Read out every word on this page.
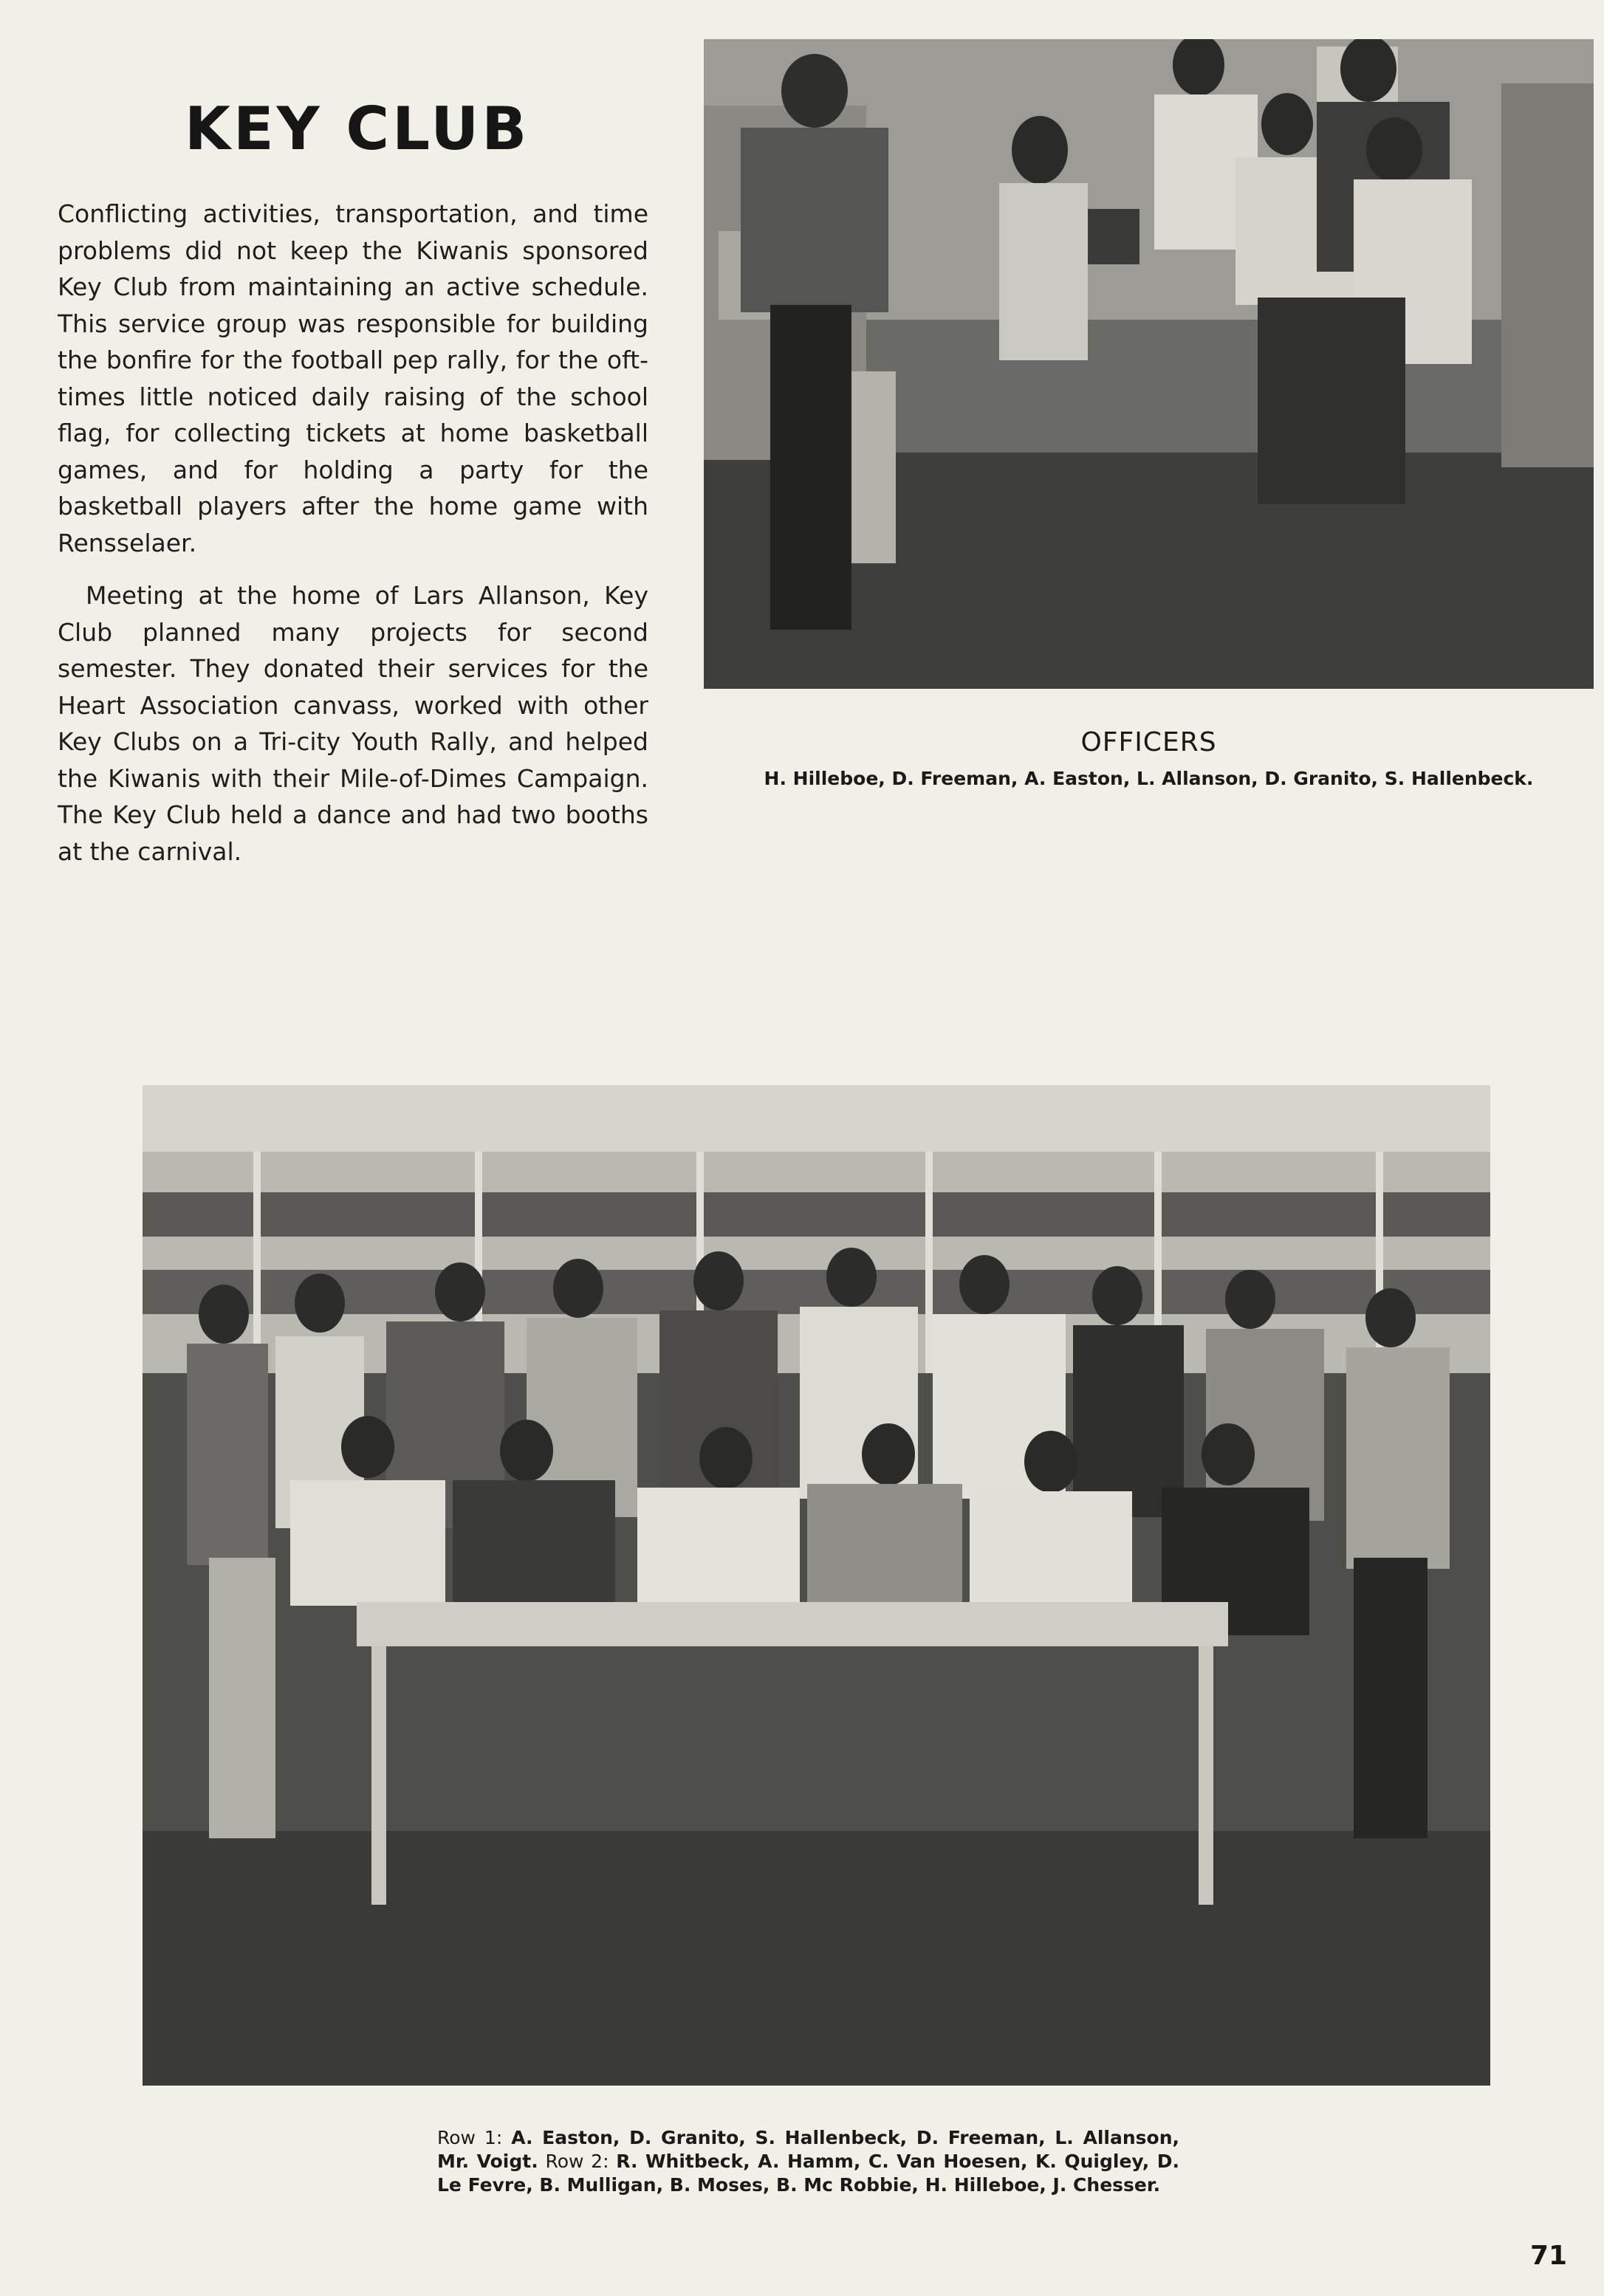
KEY CLUB

Conflicting activities, transportation, and time problems did not keep the Kiwanis sponsored Key Club from maintaining an active schedule. This service group was responsible for building the bonfire for the football pep rally, for the oft-times little noticed daily raising of the school flag, for collecting tickets at home basketball games, and for holding a party for the basketball players after the home game with Rensselaer.

Meeting at the home of Lars Allanson, Key Club planned many projects for second semester. They donated their services for the Heart Association canvass, worked with other Key Clubs on a Tri-city Youth Rally, and helped the Kiwanis with their Mile-of-Dimes Campaign. The Key Club held a dance and had two booths at the carnival.

OFFICERS
H. Hilleboe, D. Freeman, A. Easton, L. Allanson, D. Granito, S. Hallenbeck.
Row 1: A. Easton, D. Granito, S. Hallenbeck, D. Freeman, L. Allanson, Mr. Voigt. Row 2: R. Whitbeck, A. Hamm, C. Van Hoesen, K. Quigley, D. Le Fevre, B. Mulligan, B. Moses, B. Mc Robbie, H. Hilleboe, J. Chesser.
71
